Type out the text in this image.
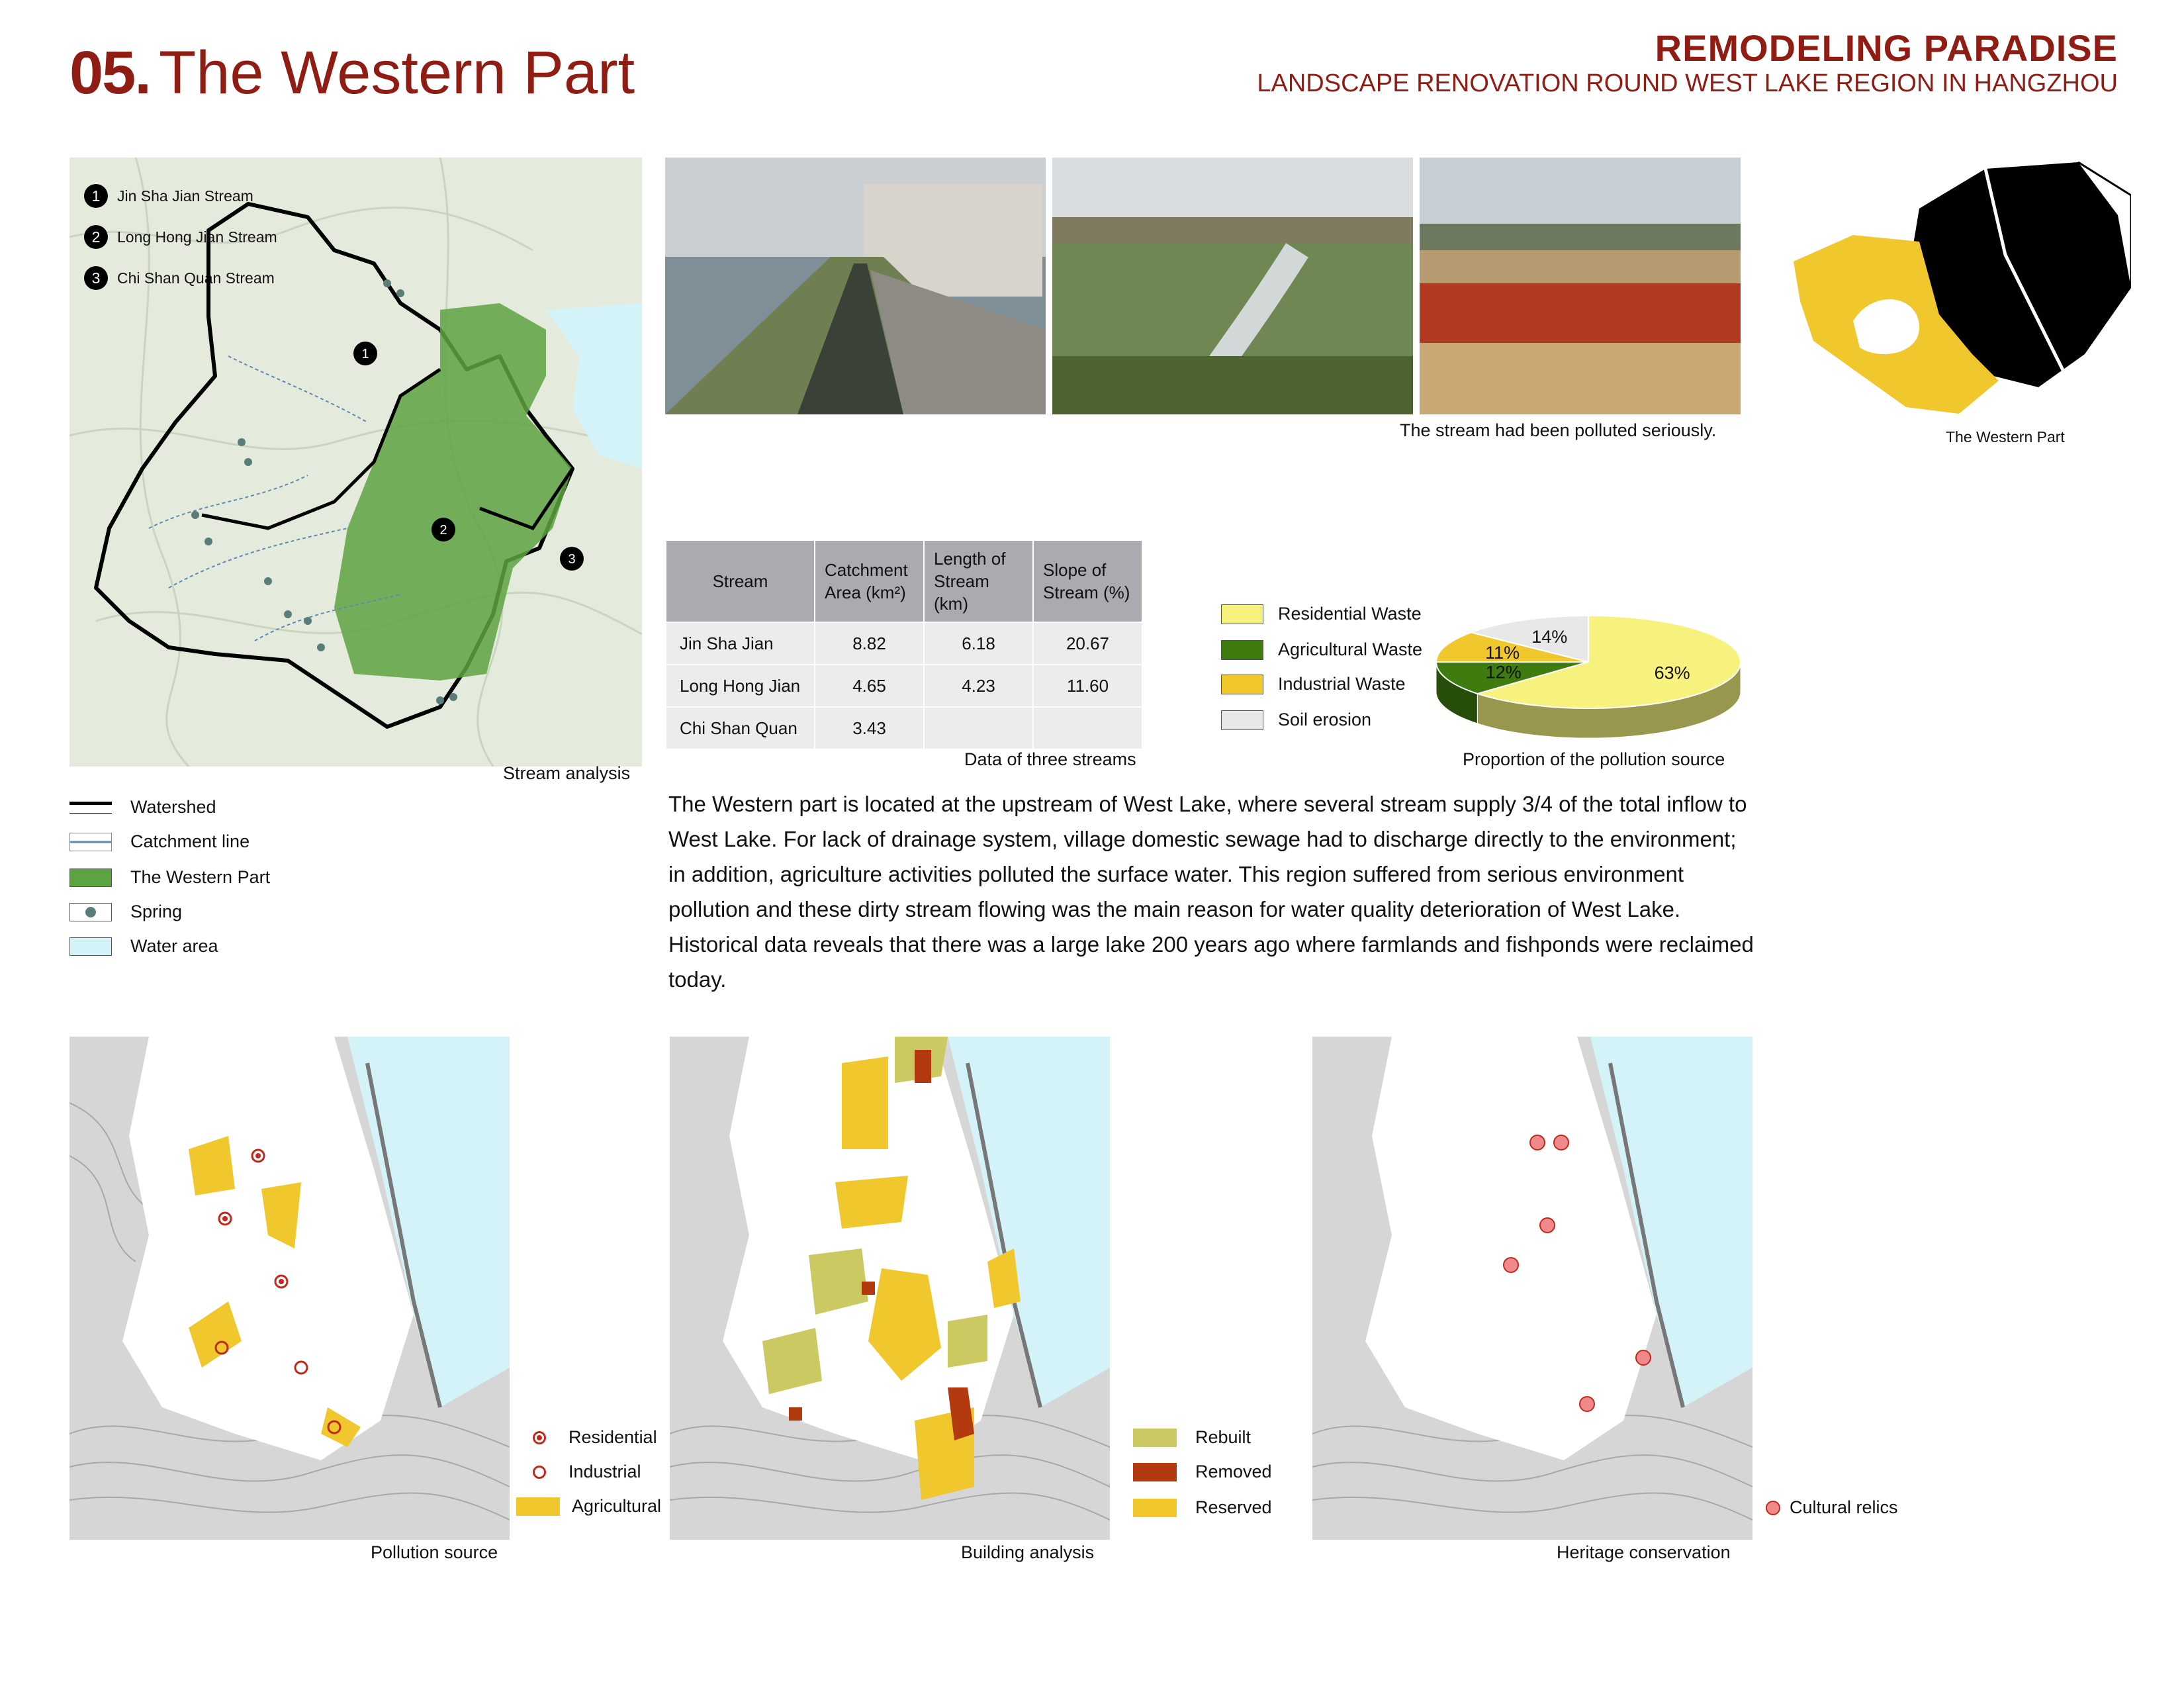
05. The Western Part	REMODELING PARADISE
LANDSCAPE RENOVATION ROUND WEST LAKE REGION IN HANGZHOU
1
2
3
1	Jin Sha Jian Stream
2	Long Hong Jian Stream
3	Chi Shan Quan Stream
Stream analysis
Watershed
Catchment line
The Western Part
Spring
Water area
The stream had been polluted seriously.	The Western Part
Stream	Catchment Area (km²)	Length of Stream (km)	Slope of Stream (%)
Jin Sha Jian	8.82	6.18	20.67
Long Hong Jian	4.65	4.23	11.60
Chi Shan Quan	3.43		
Data of three streams
Residential Waste
Agricultural Waste
Industrial Waste
Soil erosion
63%
12%
11%
14%
Proportion of the pollution source
The Western part is located at the upstream of West Lake, where several stream supply 3/4 of the total inflow to West Lake. For lack of drainage system, village domestic sewage had to discharge directly to the environment; in addition, agriculture activities polluted the surface water. This region suffered from serious environment pollution and these dirty stream flowing was the main reason for water quality deterioration of West Lake. Historical data reveals that there was a large lake 200 years ago where farmlands and fishponds were reclaimed today.
Pollution source
Residential
Industrial
Agricultural
Building analysis
Rebuilt
Removed
Reserved
Heritage conservation
Cultural relics
